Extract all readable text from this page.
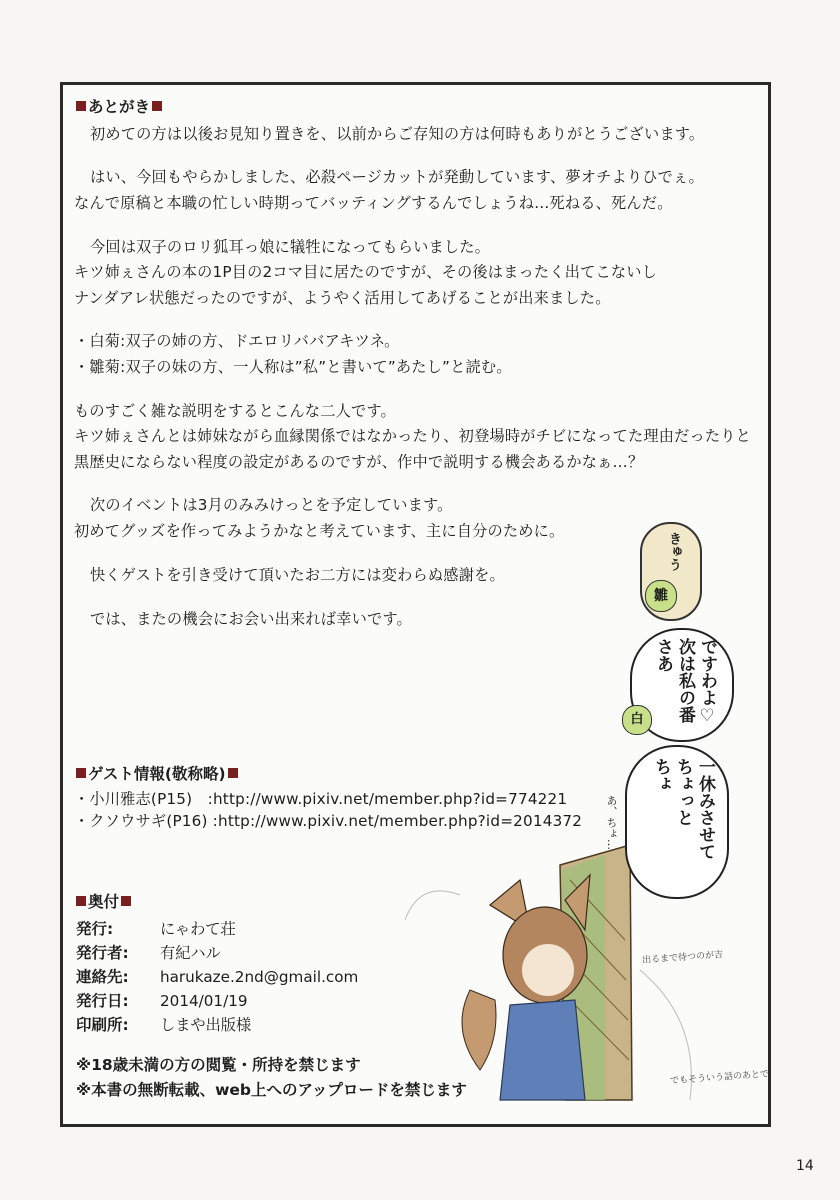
あとがき
初めての方は以後お見知り置きを、以前からご存知の方は何時もありがとうございます。
はい、今回もやらかしました、必殺ページカットが発動しています、夢オチよりひでぇ。
なんで原稿と本職の忙しい時期ってバッティングするんでしょうね…死ねる、死んだ。
今回は双子のロリ狐耳っ娘に犠牲になってもらいました。
キツ姉ぇさんの本の1P目の2コマ目に居たのですが、その後はまったく出てこないし
ナンダアレ状態だったのですが、ようやく活用してあげることが出来ました。
・白菊:双子の姉の方、ドエロリババアキツネ。
・雛菊:双子の妹の方、一人称は”私”と書いて”あたし”と読む。
ものすごく雑な説明をするとこんな二人です。
キツ姉ぇさんとは姉妹ながら血縁関係ではなかったり、初登場時がチビになってた理由だったりと
黒歴史にならない程度の設定があるのですが、作中で説明する機会あるかなぁ…？
次のイベントは3月のみみけっとを予定しています。
初めてグッズを作ってみようかなと考えています、主に自分のために。
快くゲストを引き受けて頂いたお二方には変わらぬ感謝を。
では、またの機会にお会い出来れば幸いです。
ゲスト情報(敬称略)
・小川雅志(P15)　:http://www.pixiv.net/member.php?id=774221
・クソウサギ(P16) :http://www.pixiv.net/member.php?id=2014372
奥付
発行:	にゃわて荘
発行者: 有紀ハル
連絡先: harukaze.2nd@gmail.com
発行日: 2014/01/19
印刷所: しまや出版様
※18歳未満の方の閲覧・所持を禁じます
※本書の無断転載、web上へのアップロードを禁じます
きゅう
雛
さあ 次は私の番 ですわよ♡
白
ちょ ちょっと 一休みさせて
あ、ちょ…
出るまで待つのが吉
でもそういう話のあとで
14
